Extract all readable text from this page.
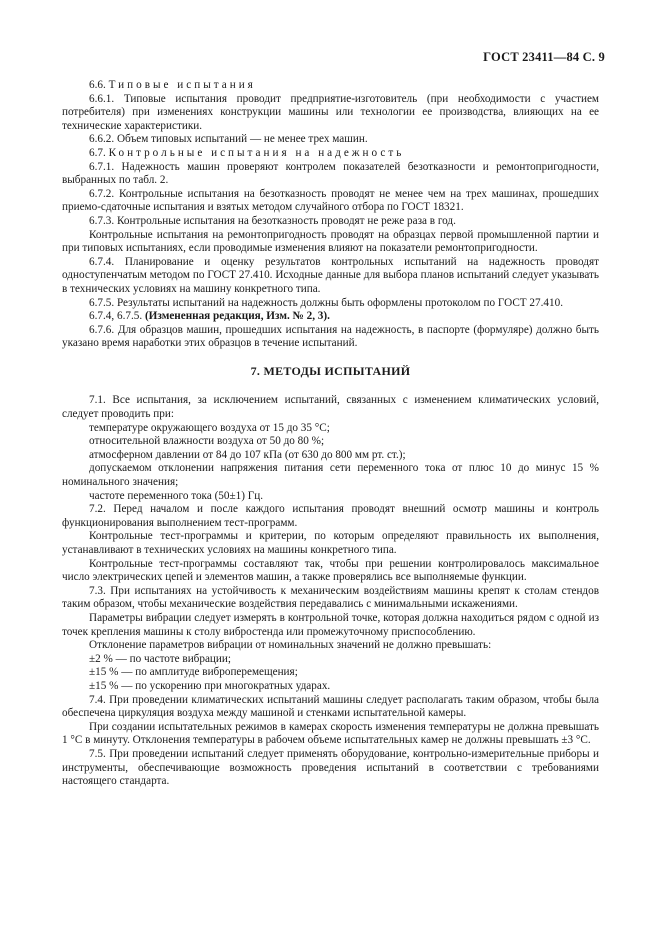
ГОСТ 23411—84 С. 9

6.6. Типовые испытания

6.6.1. Типовые испытания проводит предприятие-изготовитель (при необходимости с участием потребителя) при изменениях конструкции машины или технологии ее производства, влияющих на ее технические характеристики.

6.6.2. Объем типовых испытаний — не менее трех машин.

6.7. Контрольные испытания на надежность

6.7.1. Надежность машин проверяют контролем показателей безотказности и ремонтопригодности, выбранных по табл. 2.

6.7.2. Контрольные испытания на безотказность проводят не менее чем на трех машинах, прошедших приемо-сдаточные испытания и взятых методом случайного отбора по ГОСТ 18321.

6.7.3. Контрольные испытания на безотказность проводят не реже раза в год.

Контрольные испытания на ремонтопригодность проводят на образцах первой промышленной партии и при типовых испытаниях, если проводимые изменения влияют на показатели ремонтопригодности.

6.7.4. Планирование и оценку результатов контрольных испытаний на надежность проводят одноступенчатым методом по ГОСТ 27.410. Исходные данные для выбора планов испытаний следует указывать в технических условиях на машину конкретного типа.

6.7.5. Результаты испытаний на надежность должны быть оформлены протоколом по ГОСТ 27.410.

6.7.4, 6.7.5. (Измененная редакция, Изм. № 2, 3).

6.7.6. Для образцов машин, прошедших испытания на надежность, в паспорте (формуляре) должно быть указано время наработки этих образцов в течение испытаний.

7. МЕТОДЫ ИСПЫТАНИЙ

7.1. Все испытания, за исключением испытаний, связанных с изменением климатических условий, следует проводить при:

температуре окружающего воздуха от 15 до 35 °С;

относительной влажности воздуха от 50 до 80 %;

атмосферном давлении от 84 до 107 кПа (от 630 до 800 мм рт. ст.);

допускаемом отклонении напряжения питания сети переменного тока от плюс 10 до минус 15 % номинального значения;

частоте переменного тока (50±1) Гц.

7.2. Перед началом и после каждого испытания проводят внешний осмотр машины и контроль функционирования выполнением тест-программ.

Контрольные тест-программы и критерии, по которым определяют правильность их выполнения, устанавливают в технических условиях на машины конкретного типа.

Контрольные тест-программы составляют так, чтобы при решении контролировалось максимальное число электрических цепей и элементов машин, а также проверялись все выполняемые функции.

7.3. При испытаниях на устойчивость к механическим воздействиям машины крепят к столам стендов таким образом, чтобы механические воздействия передавались с минимальными искажениями.

Параметры вибрации следует измерять в контрольной точке, которая должна находиться рядом с одной из точек крепления машины к столу вибростенда или промежуточному приспособлению.

Отклонение параметров вибрации от номинальных значений не должно превышать:

±2 % — по частоте вибрации;

±15 % — по амплитуде виброперемещения;

±15 % — по ускорению при многократных ударах.

7.4. При проведении климатических испытаний машины следует располагать таким образом, чтобы была обеспечена циркуляция воздуха между машиной и стенками испытательной камеры.

При создании испытательных режимов в камерах скорость изменения температуры не должна превышать 1 °С в минуту. Отклонения температуры в рабочем объеме испытательных камер не должны превышать ±3 °С.

7.5. При проведении испытаний следует применять оборудование, контрольно-измерительные приборы и инструменты, обеспечивающие возможность проведения испытаний в соответствии с требованиями настоящего стандарта.
